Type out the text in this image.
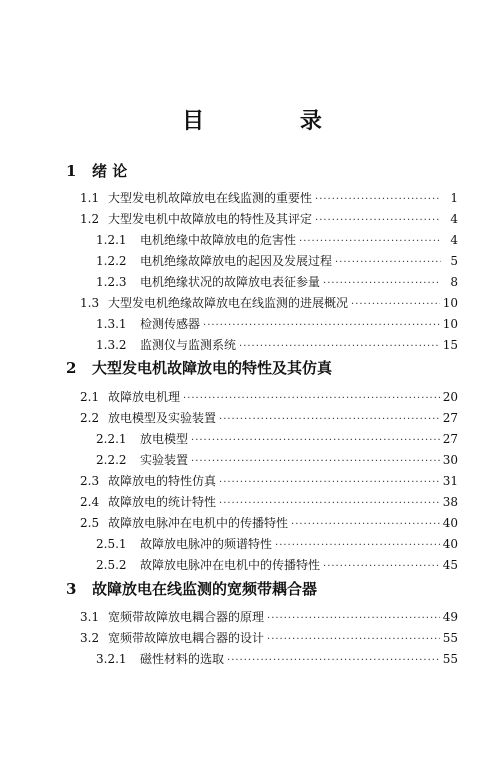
目 录
1 绪 论
1.1 大型发电机故障放电在线监测的重要性 ·····	1
1.2 大型发电机中故障放电的特性及其评定 ·····	4
1.2.1	电机绝缘中故障放电的危害性 ·····	4
1.2.2	电机绝缘故障放电的起因及发展过程 ·····	5
1.2.3	电机绝缘状况的故障放电表征参量 ·····	8
1.3 大型发电机绝缘故障放电在线监测的进展概况 ·····	10
1.3.1	检测传感器 ·····	10
1.3.2	监测仪与监测系统 ·····	15
2 大型发电机故障放电的特性及其仿真
2.1 故障放电机理 ·····	20
2.2 放电模型及实验装置 ·····	27
2.2.1	放电模型 ·····	27
2.2.2	实验装置 ·····	30
2.3 故障放电的特性仿真 ·····	31
2.4 故障放电的统计特性 ·····	38
2.5 故障放电脉冲在电机中的传播特性 ·····	40
2.5.1	故障放电脉冲的频谱特性 ·····	40
2.5.2	故障放电脉冲在电机中的传播特性 ·····	45
3 故障放电在线监测的宽频带耦合器
3.1 宽频带故障放电耦合器的原理 ·····	49
3.2 宽频带故障放电耦合器的设计 ·····	55
3.2.1	磁性材料的选取 ·····	55
